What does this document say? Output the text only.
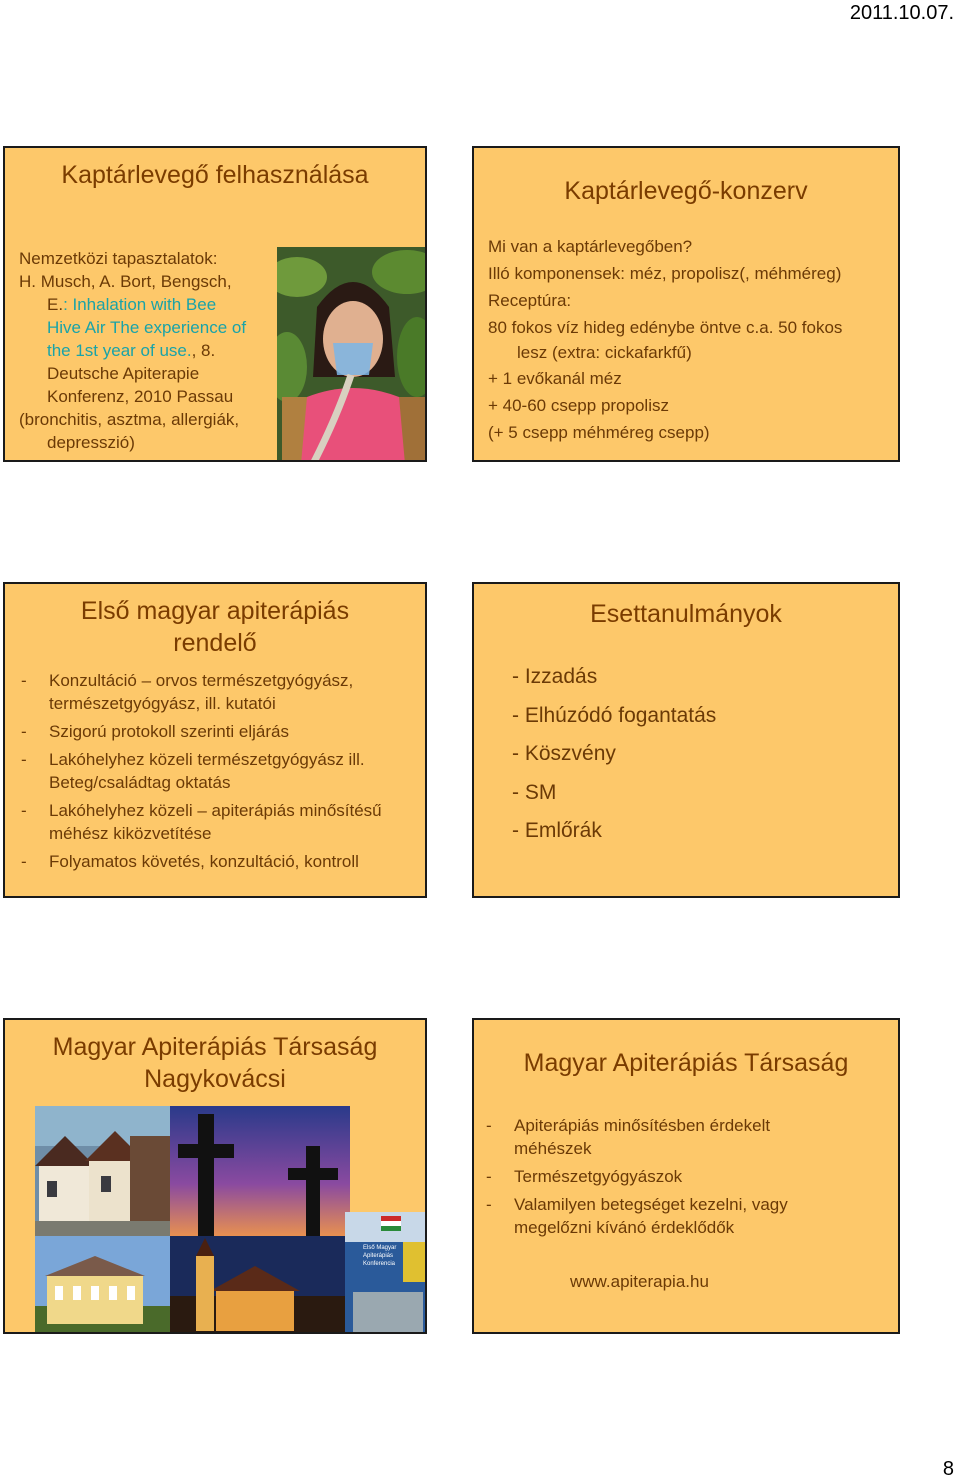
2011.10.07.
Kaptárlevegő felhasználása
Nemzetközi tapasztalatok:
H. Musch, A. Bort, Bengsch,
E.: Inhalation with Bee
Hive Air The experience of
the 1st year of use., 8.
Deutsche Apiterapie
Konferenz, 2010 Passau
(bronchitis, asztma, allergiák,
depresszió)
Kaptárlevegő-konzerv
Mi van a kaptárlevegőben?
Illó komponensek: méz, propolisz(, méhméreg)
Receptúra:
80 fokos víz hideg edénybe öntve c.a. 50 fokos
lesz (extra: cickafarkfű)
+ 1 evőkanál méz
+ 40-60 csepp propolisz
(+ 5 csepp méhméreg csepp)
Első magyar apiterápiás
rendelő
- Konzultáció – orvos természetgyógyász, természetgyógyász, ill. kutatói
- Szigorú protokoll szerinti eljárás
- Lakóhelyhez közeli természetgyógyász ill. Beteg/családtag oktatás
- Lakóhelyhez közeli – apiterápiás minősítésű méhész kiközvetítése
- Folyamatos követés, konzultáció, kontroll
Esettanulmányok
- Izzadás
- Elhúzódó fogantatás
- Köszvény
- SM
- Emlőrák
Magyar Apiterápiás Társaság
Nagykovácsi
Első Magyar Apiterápiás Konferencia
Magyar Apiterápiás Társaság
- Apiterápiás minősítésben érdekelt méhészek
- Természetgyógyászok
- Valamilyen betegséget kezelni, vagy megelőzni kívánó érdeklődők
www.apiterapia.hu
8
